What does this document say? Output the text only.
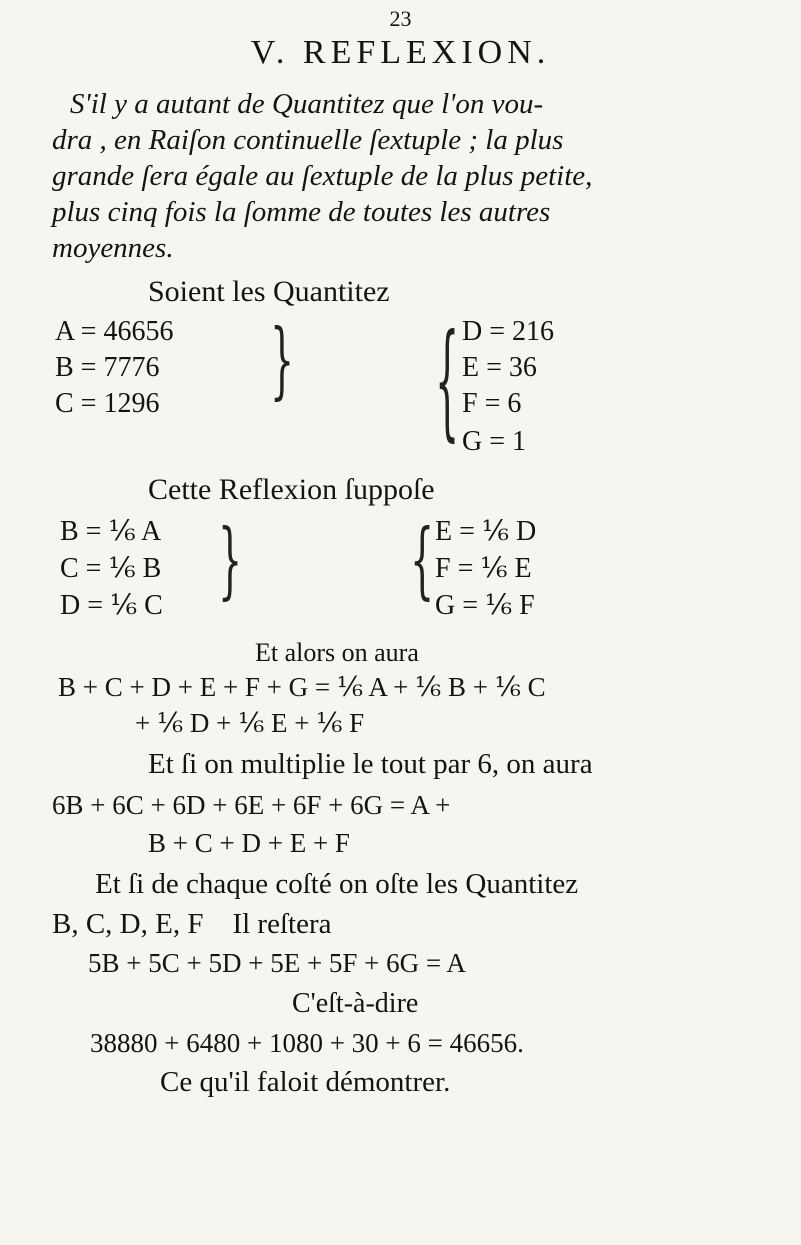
23
V. REFLEXION.
S'il y a autant de Quantitez que l'on vou-
dra , en Raiſon continuelle ſextuple ; la plus
grande ſera égale au ſextuple de la plus petite,
plus cinq fois la ſomme de toutes les autres
moyennes.
Soient les Quantitez
A = 46656
B = 7776
C = 1296	}	{ D = 216
E = 36
F = 6
G = 1
Cette Reflexion ſuppoſe
B = ⅙ A
C = ⅙ B
D = ⅙ C }	{ E = ⅙ D
F = ⅙ E
G = ⅙ F
Et alors on aura
B + C + D + E + F + G = ⅙ A + ⅙ B + ⅙ C
+ ⅙ D + ⅙ E + ⅙ F
Et ſi on multiplie le tout par 6, on aura
6B + 6C + 6D + 6E + 6F + 6G = A +
B + C + D + E + F
Et ſi de chaque coſté on oſte les Quantitez
B, C, D, E, F    Il reſtera
5B + 5C + 5D + 5E + 5F + 6G = A
C'eſt-à-dire
38880 + 6480 + 1080 + 30 + 6 = 46656.
Ce qu'il faloit démontrer.
